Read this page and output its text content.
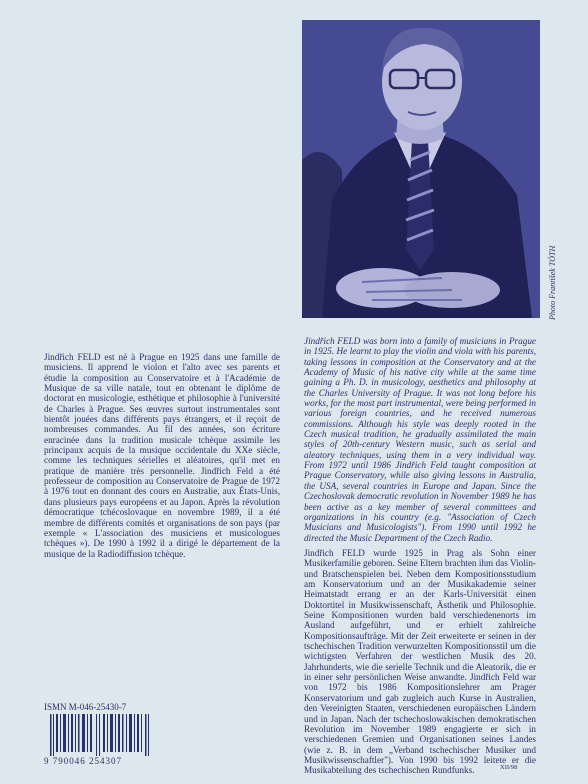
Photo František TÓTH

Jindřich FELD est né à Prague en 1925 dans une famille de musiciens. Il apprend le violon et l'alto avec ses parents et étudie la composition au Conservatoire et à l'Académie de Musique de sa ville natale, tout en obtenant le diplôme de doctorat en musicologie, esthétique et philosophie à l'université de Charles à Prague. Ses œuvres surtout instrumentales sont bientôt jouées dans différents pays étrangers, et il reçoit de nombreuses commandes. Au fil des années, son écriture enracinée dans la tradition musicale tchèque assimile les principaux acquis de la musique occidentale du XXe siècle, comme les techniques sérielles et aléatoires, qu'il met en pratique de manière très personnelle. Jindřich Feld a été professeur de composition au Conservatoire de Prague de 1972 à 1976 tout en donnant des cours en Australie, aux États-Unis, dans plusieurs pays européens et au Japon. Après la révolution démocratique tchécoslovaque en novembre 1989, il a été membre de différents comités et organisations de son pays (par exemple « L'association des musiciens et musicologues tchèques »). De 1990 à 1992 il a dirigé le département de la musique de la Radiodiffusion tchèque.

Jindřich FELD was born into a family of musicians in Prague in 1925. He learnt to play the violin and viola with his parents, taking lessons in composition at the Conservatory and at the Academy of Music of his native city while at the same time gaining a Ph. D. in musicology, aesthetics and philosophy at the Charles University of Prague. It was not long before his works, for the most part instrumental, were being performed in various foreign countries, and he received numerous commissions. Although his style was deeply rooted in the Czech musical tradition, he gradually assimilated the main styles of 20th-century Western music, such as serial and aleatory techniques, using them in a very individual way. From 1972 until 1986 Jindřich Feld taught composition at Prague Conservatory, while also giving lessons in Australia, the USA, several countries in Europe and Japan. Since the Czechoslovak democratic revolution in November 1989 he has been active as a key member of several committees and organizations in his country (e.g. "Association of Czech Musicians and Musicologists"). From 1990 until 1992 he directed the Music Department of the Czech Radio.

Jindřich FELD wurde 1925 in Prag als Sohn einer Musikerfamilie geboren. Seine Eltern brachten ihm das Violin- und Bratschenspielen bei. Neben dem Kompositionsstudium am Konservatorium und an der Musikakademie seiner Heimatstadt errang er an der Karls-Universität einen Doktortitel in Musikwissenschaft, Ästhetik und Philosophie. Seine Kompositionen wurden bald verschiedenenorts im Ausland aufgeführt, und er erhielt zahlreiche Kompositionsaufträge. Mit der Zeit erweiterte er seinen in der tschechischen Tradition verwurzelten Kompositionsstil um die wichtigsten Verfahren der westlichen Musik des 20. Jahrhunderts, wie die serielle Technik und die Aleatorik, die er in einer sehr persönlichen Weise anwandte. Jindřich Feld war von 1972 bis 1986 Kompositionslehrer am Prager Konservatorium und gab zugleich auch Kurse in Australien, den Vereinigten Staaten, verschiedenen europäischen Ländern und in Japan. Nach der tschechoslowakischen demokratischen Revolution im November 1989 engagierte er sich in verschiedenen Gremien und Organisationen seines Landes (wie z. B. in dem „Verband tschechischer Musiker und Musikwissenschaftler"). Von 1990 bis 1992 leitete er die Musikabteilung des tschechischen Rundfunks.

ISMN M-046-25430-7
9 790046 254307
XII/98
